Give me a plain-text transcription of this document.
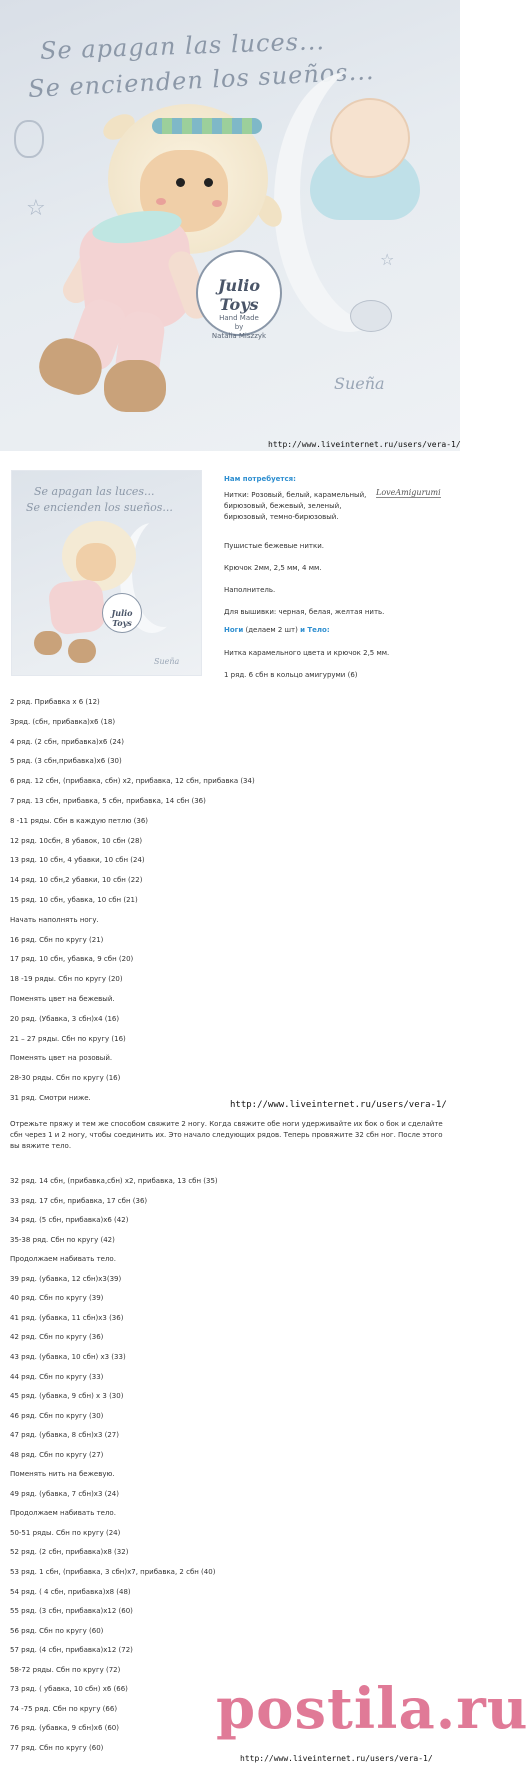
Se apagan las luces...
Se encienden los sueños...
☆
☆
Julio Toys
Hand Made
by
Natalia Miszzyk
Sueña
http://www.liveinternet.ru/users/vera-1/
Se apagan las luces...
Se encienden los sueños...
Julio Toys
Sueña
Нам потребуется:
Нитки: Розовый, белый, карамельный, бирюзовый, бежевый, зеленый, бирюзовый, темно-бирюзовый.
LoveAmigurumi
Пушистые бежевые нитки.
Крючок 2мм, 2,5 мм, 4 мм.
Наполнитель.
Для вышивки: черная, белая, желтая нить.
Ноги (делаем 2 шт) и Тело:
Нитка карамельного цвета и крючок 2,5 мм.
1 ряд. 6 сбн в кольцо амигуруми (6)
2 ряд. Прибавка х 6 (12)
3ряд. (сбн, прибавка)х6 (18)
4 ряд. (2 сбн, прибавка)х6 (24)
5 ряд. (3 сбн,прибавка)х6 (30)
6 ряд. 12 сбн, (прибавка, сбн) х2, прибавка, 12 сбн, прибавка (34)
7 ряд. 13 сбн, прибавка, 5 сбн, прибавка, 14 сбн (36)
8 -11 ряды. Сбн в каждую петлю (36)
12 ряд. 10сбн, 8 убавок, 10 сбн (28)
13 ряд. 10 сбн, 4 убавки, 10 сбн (24)
14 ряд. 10 сбн,2 убавки, 10 сбн (22)
15 ряд. 10 сбн, убавка, 10 сбн (21)
Начать наполнять ногу.
16 ряд. Сбн по кругу (21)
17 ряд. 10 сбн, убавка, 9 сбн (20)
18 -19 ряды. Сбн по кругу (20)
Поменять цвет на бежевый.
20 ряд. (Убавка, 3 сбн)х4 (16)
21 – 27 ряды. Сбн по кругу (16)
Поменять цвет на розовый.
28-30 ряды. Сбн по кругу (16)
31 ряд. Смотри ниже.
http://www.liveinternet.ru/users/vera-1/
Отрежьте пряжу и тем же способом свяжите 2 ногу. Когда свяжите обе ноги удерживайте их бок о бок и сделайте сбн через 1 и 2 ногу, чтобы соединить их. Это начало следующих рядов. Теперь провяжите 32 сбн ног. После этого вы вяжите тело.
32 ряд. 14 сбн, (прибавка,сбн) х2, прибавка, 13 сбн (35)
33 ряд. 17 сбн, прибавка, 17 сбн (36)
34 ряд. (5 сбн, прибавка)х6 (42)
35-38 ряд. Сбн по кругу (42)
Продолжаем набивать тело.
39 ряд. (убавка, 12 сбн)х3(39)
40 ряд. Сбн по кругу (39)
41 ряд. (убавка, 11 сбн)х3 (36)
42 ряд. Сбн по кругу (36)
43 ряд. (убавка, 10 сбн) х3 (33)
44 ряд. Сбн по кругу (33)
45 ряд. (убавка, 9 сбн) х 3 (30)
46 ряд. Сбн по кругу (30)
47 ряд. (убавка, 8 сбн)х3 (27)
48 ряд. Сбн по кругу (27)
Поменять нить на бежевую.
49 ряд. (убавка, 7 сбн)х3 (24)
Продолжаем набивать тело.
50-51 ряды. Сбн по кругу (24)
52 ряд. (2 сбн, прибавка)х8 (32)
53 ряд. 1 сбн, (прибавка, 3 сбн)х7, прибавка, 2 сбн (40)
54 ряд. ( 4 сбн, прибавка)х8 (48)
55 ряд. (3 сбн, прибавка)х12 (60)
56 ряд. Сбн по кругу (60)
57 ряд. (4 сбн, прибавка)х12 (72)
58-72 ряды. Сбн по кругу (72)
73 ряд. ( убавка, 10 сбн) х6 (66)
74 -75 ряд. Сбн по кругу (66)
76 ряд. (убавка, 9 сбн)х6 (60)
77 ряд. Сбн по кругу (60)
postila.ru
http://www.liveinternet.ru/users/vera-1/
